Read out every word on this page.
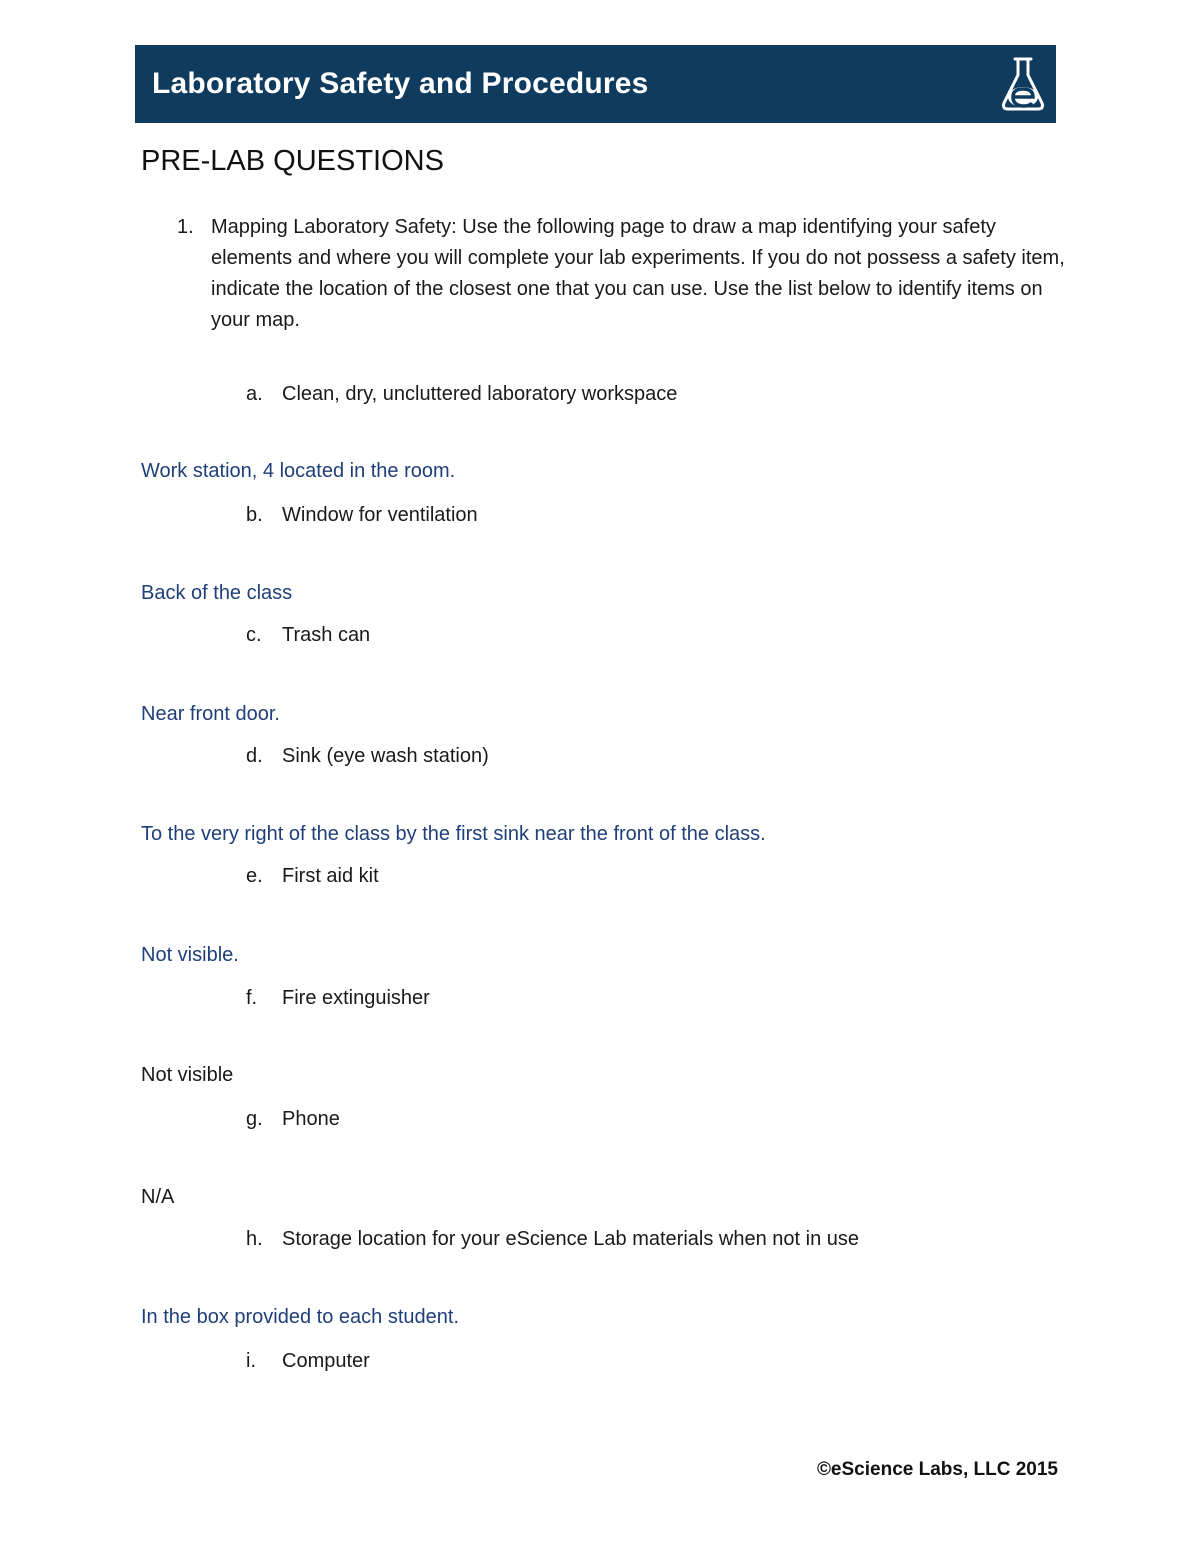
Laboratory Safety and Procedures
PRE-LAB QUESTIONS
1. Mapping Laboratory Safety: Use the following page to draw a map identifying your safety elements and where you will complete your lab experiments. If you do not possess a safety item, indicate the location of the closest one that you can use. Use the list below to identify items on your map.
a. Clean, dry, uncluttered laboratory workspace
Work station, 4 located in the room.
b. Window for ventilation
Back of the class
c. Trash can
Near front door.
d. Sink (eye wash station)
To the very right of the class by the first sink near the front of the class.
e. First aid kit
Not visible.
f. Fire extinguisher
Not visible
g. Phone
N/A
h. Storage location for your eScience Lab materials when not in use
In the box provided to each student.
i. Computer
©eScience Labs, LLC 2015
